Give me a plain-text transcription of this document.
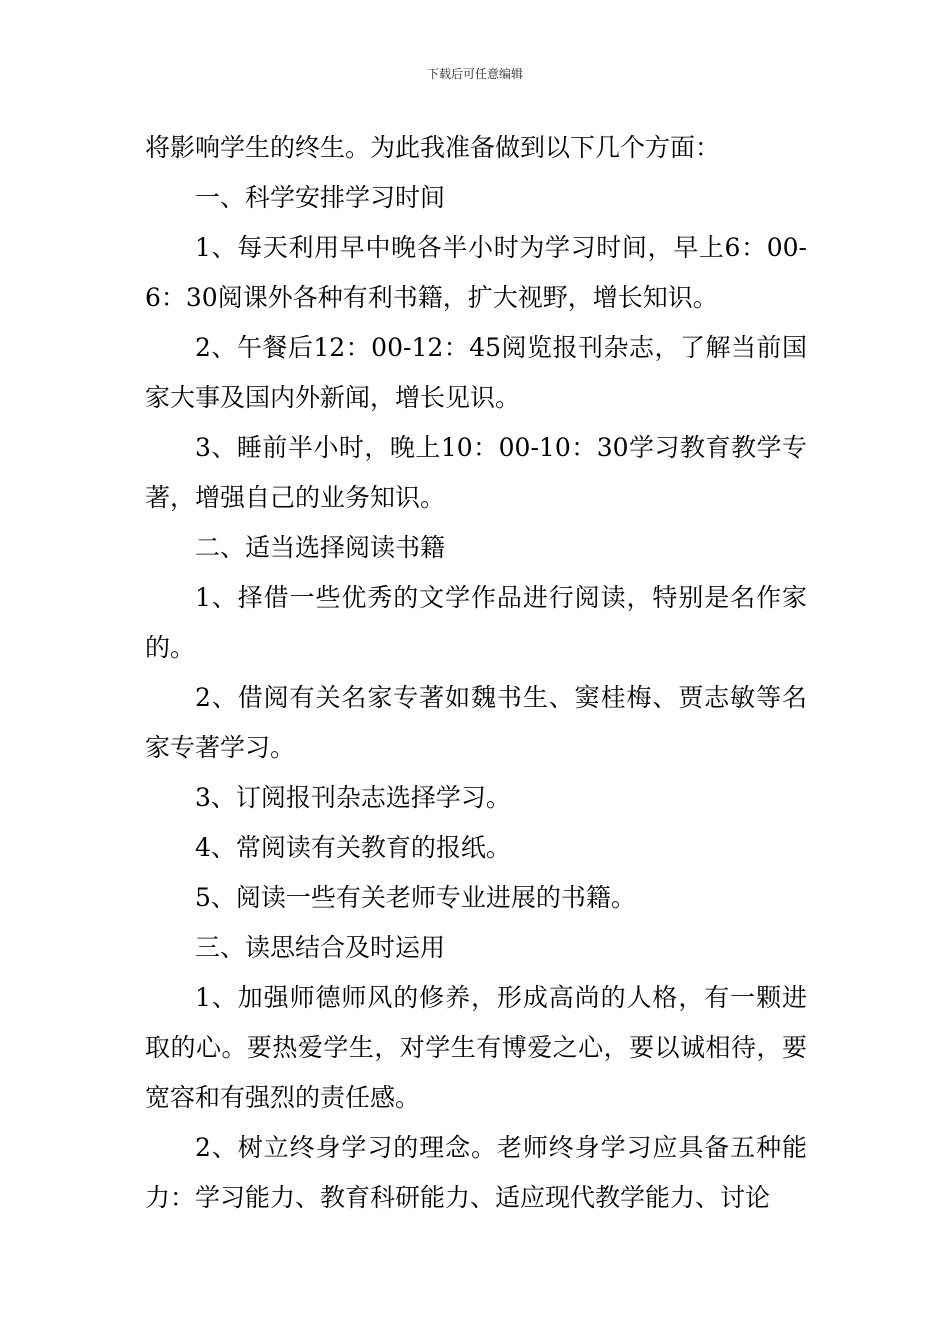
下载后可任意编辑

将影响学生的终生。为此我准备做到以下几个方面：

一、科学安排学习时间

1、每天利用早中晚各半小时为学习时间，早上6：00-6：30阅课外各种有利书籍，扩大视野，增长知识。

2、午餐后12：00-12：45阅览报刊杂志，了解当前国家大事及国内外新闻，增长见识。

3、睡前半小时，晚上10：00-10：30学习教育教学专著，增强自己的业务知识。

二、适当选择阅读书籍

1、择借一些优秀的文学作品进行阅读，特别是名作家的。

2、借阅有关名家专著如魏书生、窦桂梅、贾志敏等名家专著学习。

3、订阅报刊杂志选择学习。

4、常阅读有关教育的报纸。

5、阅读一些有关老师专业进展的书籍。

三、读思结合及时运用

1、加强师德师风的修养，形成高尚的人格，有一颗进取的心。要热爱学生，对学生有博爱之心，要以诚相待，要宽容和有强烈的责任感。

2、树立终身学习的理念。老师终身学习应具备五种能力：学习能力、教育科研能力、适应现代教学能力、讨论
